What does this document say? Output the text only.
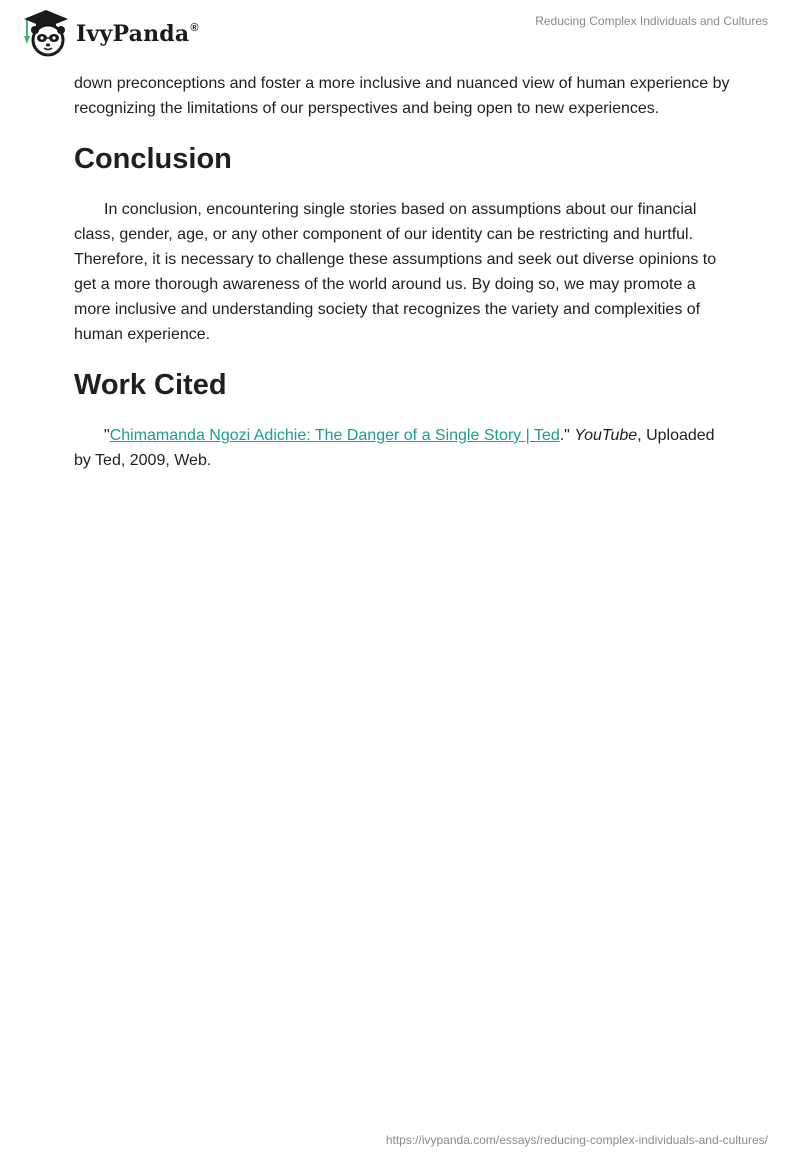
IvyPanda®	Reducing Complex Individuals and Cultures

down preconceptions and foster a more inclusive and nuanced view of human experience by recognizing the limitations of our perspectives and being open to new experiences.

Conclusion

In conclusion, encountering single stories based on assumptions about our financial class, gender, age, or any other component of our identity can be restricting and hurtful. Therefore, it is necessary to challenge these assumptions and seek out diverse opinions to get a more thorough awareness of the world around us. By doing so, we may promote a more inclusive and understanding society that recognizes the variety and complexities of human experience.

Work Cited

"Chimamanda Ngozi Adichie: The Danger of a Single Story | Ted." YouTube, Uploaded by Ted, 2009, Web.

https://ivypanda.com/essays/reducing-complex-individuals-and-cultures/
